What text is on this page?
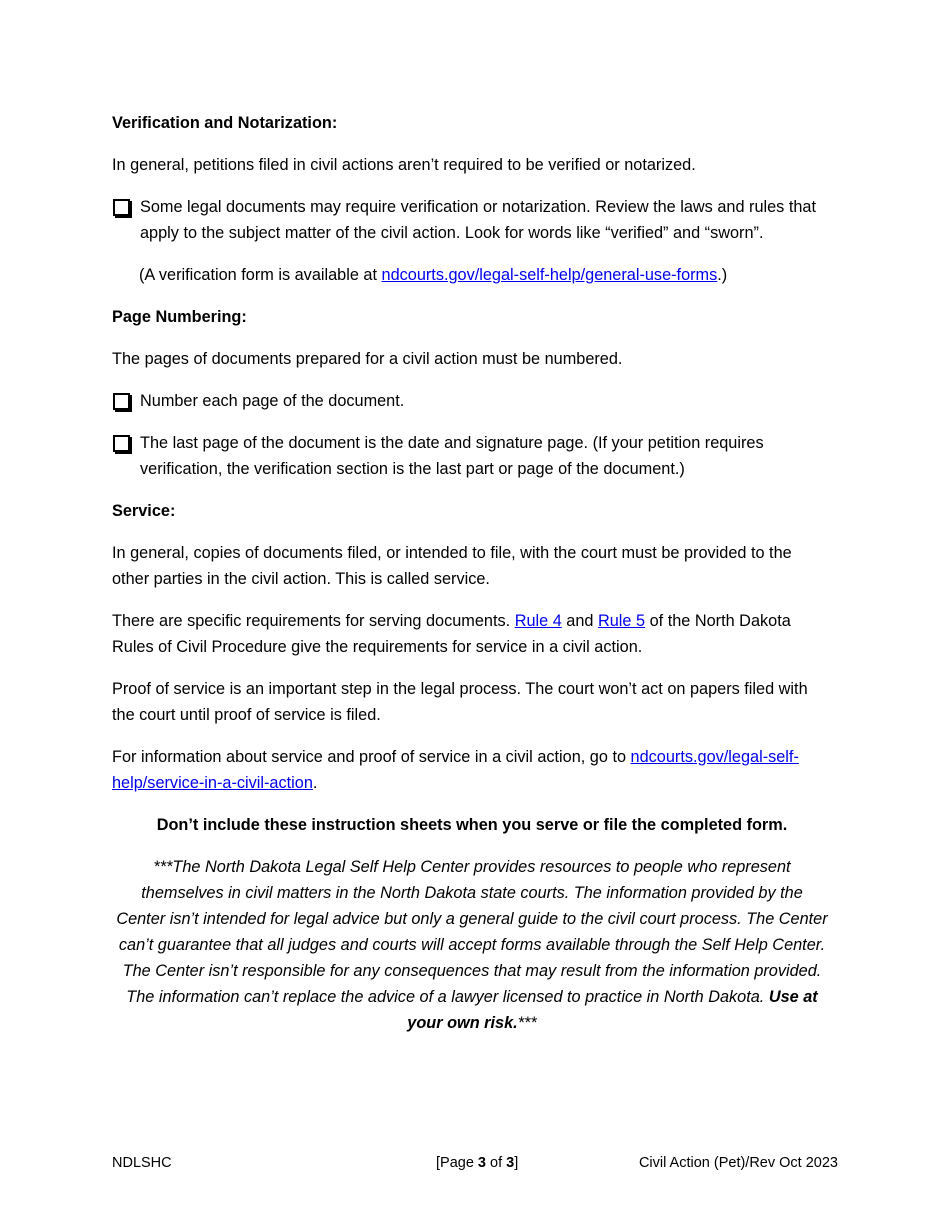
Verification and Notarization:

In general, petitions filed in civil actions aren’t required to be verified or notarized.

Some legal documents may require verification or notarization. Review the laws and rules that apply to the subject matter of the civil action. Look for words like “verified” and “sworn”.

(A verification form is available at ndcourts.gov/legal-self-help/general-use-forms.)

Page Numbering:

The pages of documents prepared for a civil action must be numbered.

Number each page of the document.
The last page of the document is the date and signature page. (If your petition requires verification, the verification section is the last part or page of the document.)

Service:

In general, copies of documents filed, or intended to file, with the court must be provided to the other parties in the civil action. This is called service.

There are specific requirements for serving documents. Rule 4 and Rule 5 of the North Dakota Rules of Civil Procedure give the requirements for service in a civil action.

Proof of service is an important step in the legal process. The court won’t act on papers filed with the court until proof of service is filed.

For information about service and proof of service in a civil action, go to ndcourts.gov/legal-self-help/service-in-a-civil-action.

Don’t include these instruction sheets when you serve or file the completed form.

***The North Dakota Legal Self Help Center provides resources to people who represent themselves in civil matters in the North Dakota state courts. The information provided by the Center isn’t intended for legal advice but only a general guide to the civil court process. The Center can’t guarantee that all judges and courts will accept forms available through the Self Help Center. The Center isn’t responsible for any consequences that may result from the information provided. The information can’t replace the advice of a lawyer licensed to practice in North Dakota. Use at your own risk.***

NDLSHC	[Page 3 of 3]	Civil Action (Pet)/Rev Oct 2023
